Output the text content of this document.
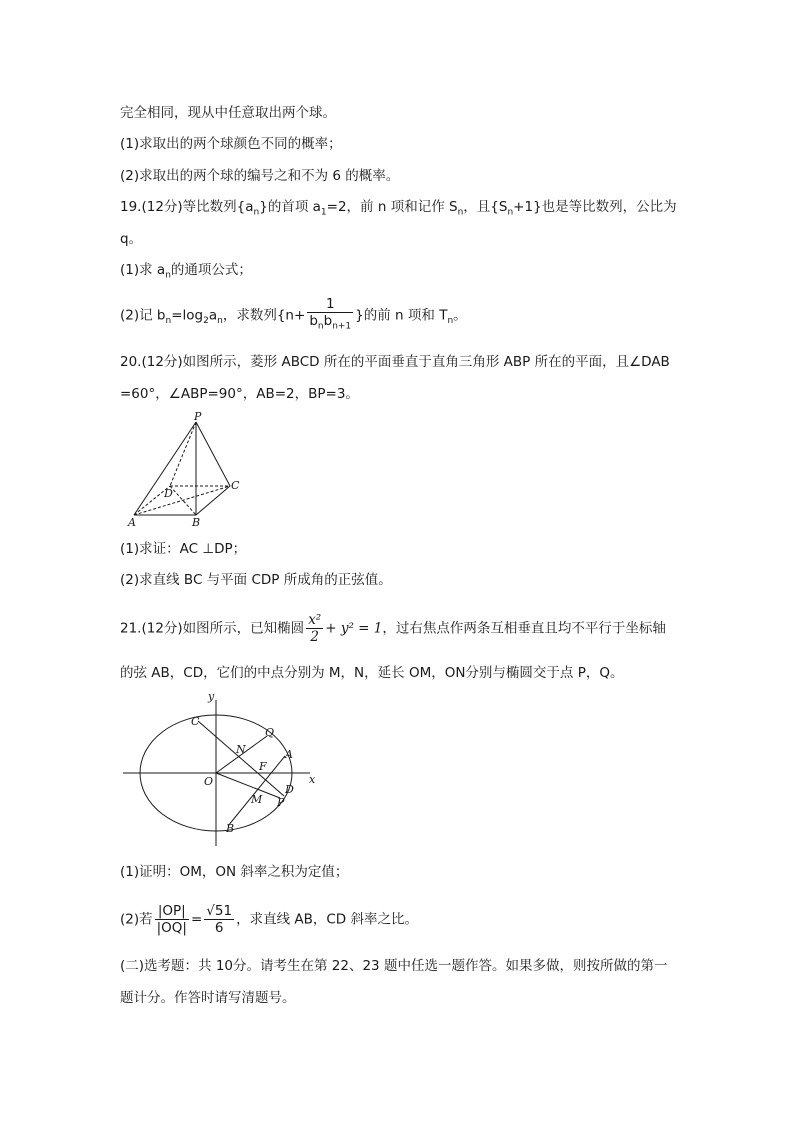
完全相同，现从中任意取出两个球。
(1)求取出的两个球颜色不同的概率；
(2)求取出的两个球的编号之和不为 6 的概率。
19.(12分)等比数列$\{a_n\}$的首项 $a_1=2$，前 n 项和记作 $S_n$，且$\{S_n+1\}$也是等比数列，公比为
q。
(1)求 $a_n$的通项公式；
(2)记 $b_n=\log_2a_n$，求数列{$n+ \frac{1}{b_nb_{n+1}}$ }的前 n 项和 $T_n$。
20.(12分)如图所示，菱形 ABCD 所在的平面垂直于直角三角形 ABP 所在的平面，且∠DAB
=60°，∠ABP=90°，AB=2，BP=3。
P
D
C
A	B
(1)求证：AC ⊥DP；
(2)求直线 BC 与平面 CDP 所成角的正弦值。
21.(12分)如图所示，已知椭圆 $\frac{\text{x²}}{2} + y^2 = 1$，过右焦点作两条互相垂直且均不平行于坐标轴
的弦 AB，CD，它们的中点分别为 M，N，延长 OM，ON分别与椭圆交于点 P，Q。
y
x
O
C
Q
N	A
F
D
M P
B
(1)证明：OM，ON 斜率之积为定值；
(2)若 $\frac{|OP|}{|OQ|} = \frac{√51}{6}$ ，求直线 AB，CD 斜率之比。
(二)选考题：共 10分。请考生在第 22、23 题中任选一题作答。如果多做，则按所做的第一
题计分。作答时请写清题号。
